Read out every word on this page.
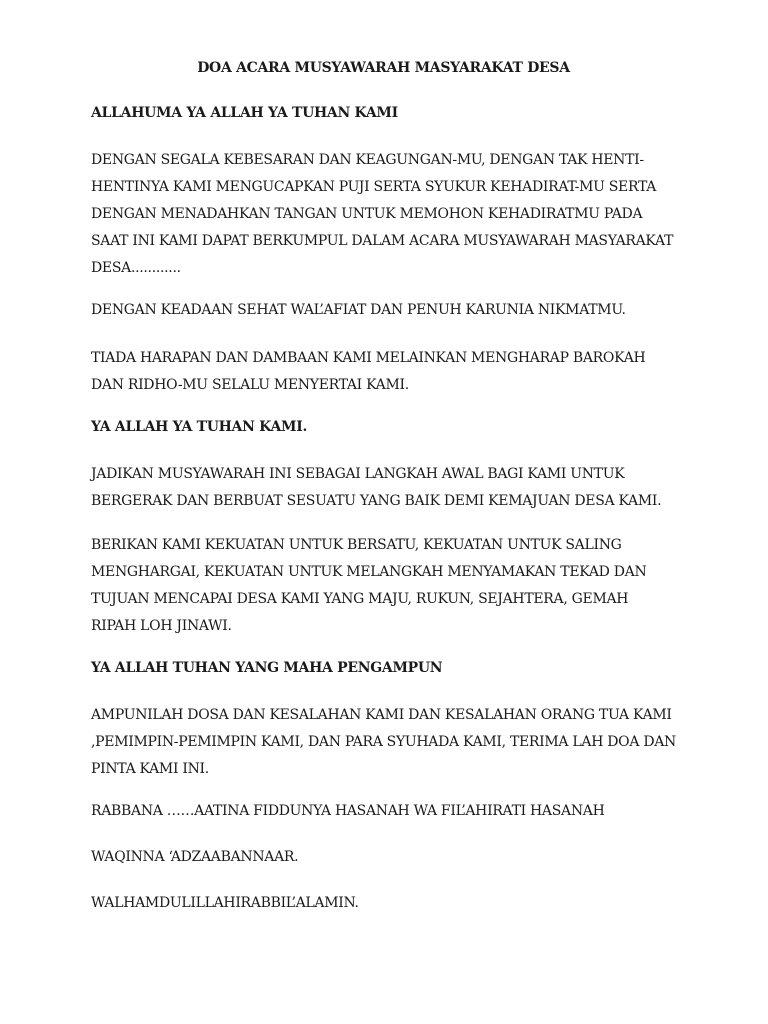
DOA ACARA MUSYAWARAH MASYARAKAT DESA
ALLAHUMA YA ALLAH YA TUHAN KAMI
DENGAN SEGALA KEBESARAN DAN KEAGUNGAN-MU, DENGAN TAK HENTI-HENTINYA KAMI MENGUCAPKAN PUJI SERTA SYUKUR KEHADIRAT-MU SERTA DENGAN MENADAHKAN TANGAN UNTUK MEMOHON KEHADIRATMU PADA SAAT INI KAMI DAPAT BERKUMPUL DALAM ACARA MUSYAWARAH MASYARAKAT DESA............
DENGAN KEADAAN SEHAT WAL’AFIAT DAN PENUH KARUNIA NIKMATMU.
TIADA HARAPAN DAN DAMBAAN KAMI MELAINKAN MENGHARAP BAROKAH DAN RIDHO-MU SELALU MENYERTAI KAMI.
YA ALLAH YA TUHAN KAMI.
JADIKAN MUSYAWARAH INI SEBAGAI LANGKAH AWAL BAGI KAMI UNTUK BERGERAK DAN BERBUAT SESUATU YANG BAIK DEMI KEMAJUAN DESA KAMI.
BERIKAN KAMI KEKUATAN UNTUK BERSATU, KEKUATAN UNTUK SALING MENGHARGAI, KEKUATAN UNTUK MELANGKAH MENYAMAKAN TEKAD DAN TUJUAN MENCAPAI DESA KAMI YANG MAJU, RUKUN, SEJAHTERA, GEMAH RIPAH LOH JINAWI.
YA ALLAH TUHAN YANG MAHA PENGAMPUN
AMPUNILAH DOSA DAN KESALAHAN KAMI DAN KESALAHAN ORANG TUA KAMI ,PEMIMPIN-PEMIMPIN KAMI, DAN PARA SYUHADA KAMI, TERIMA LAH DOA DAN PINTA KAMI INI.
RABBANA ……AATINA FIDDUNYA HASANAH WA FIL’AHIRATI HASANAH
WAQINNA ‘ADZAABANNAAR.
WALHAMDULILLAHIRABBIL’ALAMIN.
